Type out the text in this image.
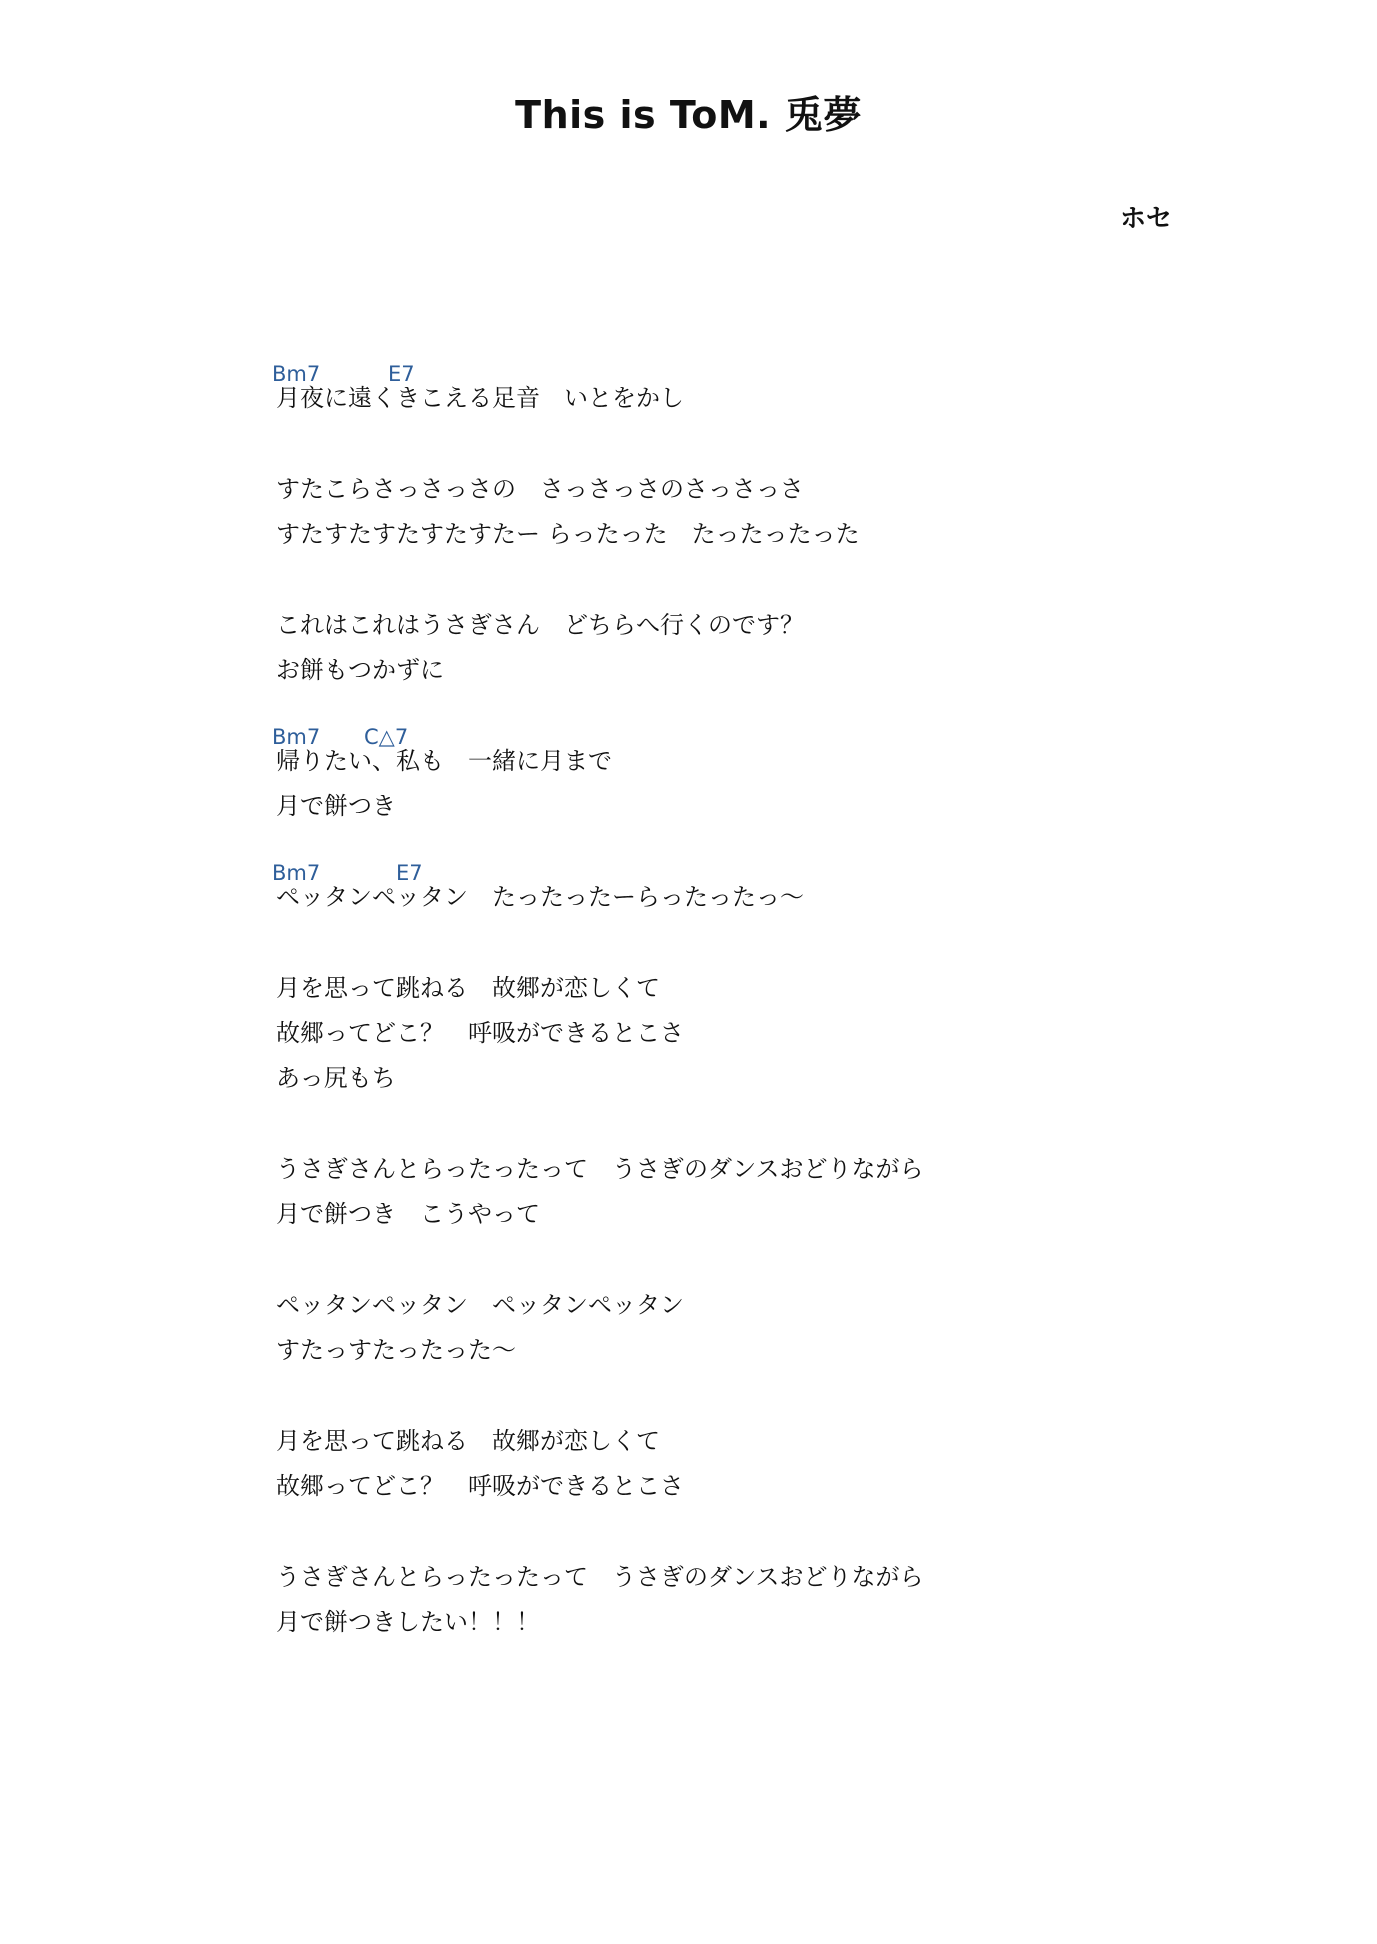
This is ToM. 兎夢
ホセ
Bm7	E7
月夜に遠くきこえる足音　いとをかし
すたこらさっさっさの　さっさっさのさっさっさ
すたすたすたすたすたー らったった　たったったった
これはこれはうさぎさん　どちらへ行くのです？
お餅もつかずに
Bm7 C△7
帰りたい、私も　一緒に月まで
月で餅つき
Bm7	E7
ペッタンペッタン　たったったーらったったっ～
月を思って跳ねる　故郷が恋しくて
故郷ってどこ？　呼吸ができるとこさ
あっ尻もち
うさぎさんとらったったって　うさぎのダンスおどりながら
月で餅つき　こうやって
ペッタンペッタン　ペッタンペッタン
すたっすたったった～
月を思って跳ねる　故郷が恋しくて
故郷ってどこ？　呼吸ができるとこさ
うさぎさんとらったったって　うさぎのダンスおどりながら
月で餅つきしたい！！！
